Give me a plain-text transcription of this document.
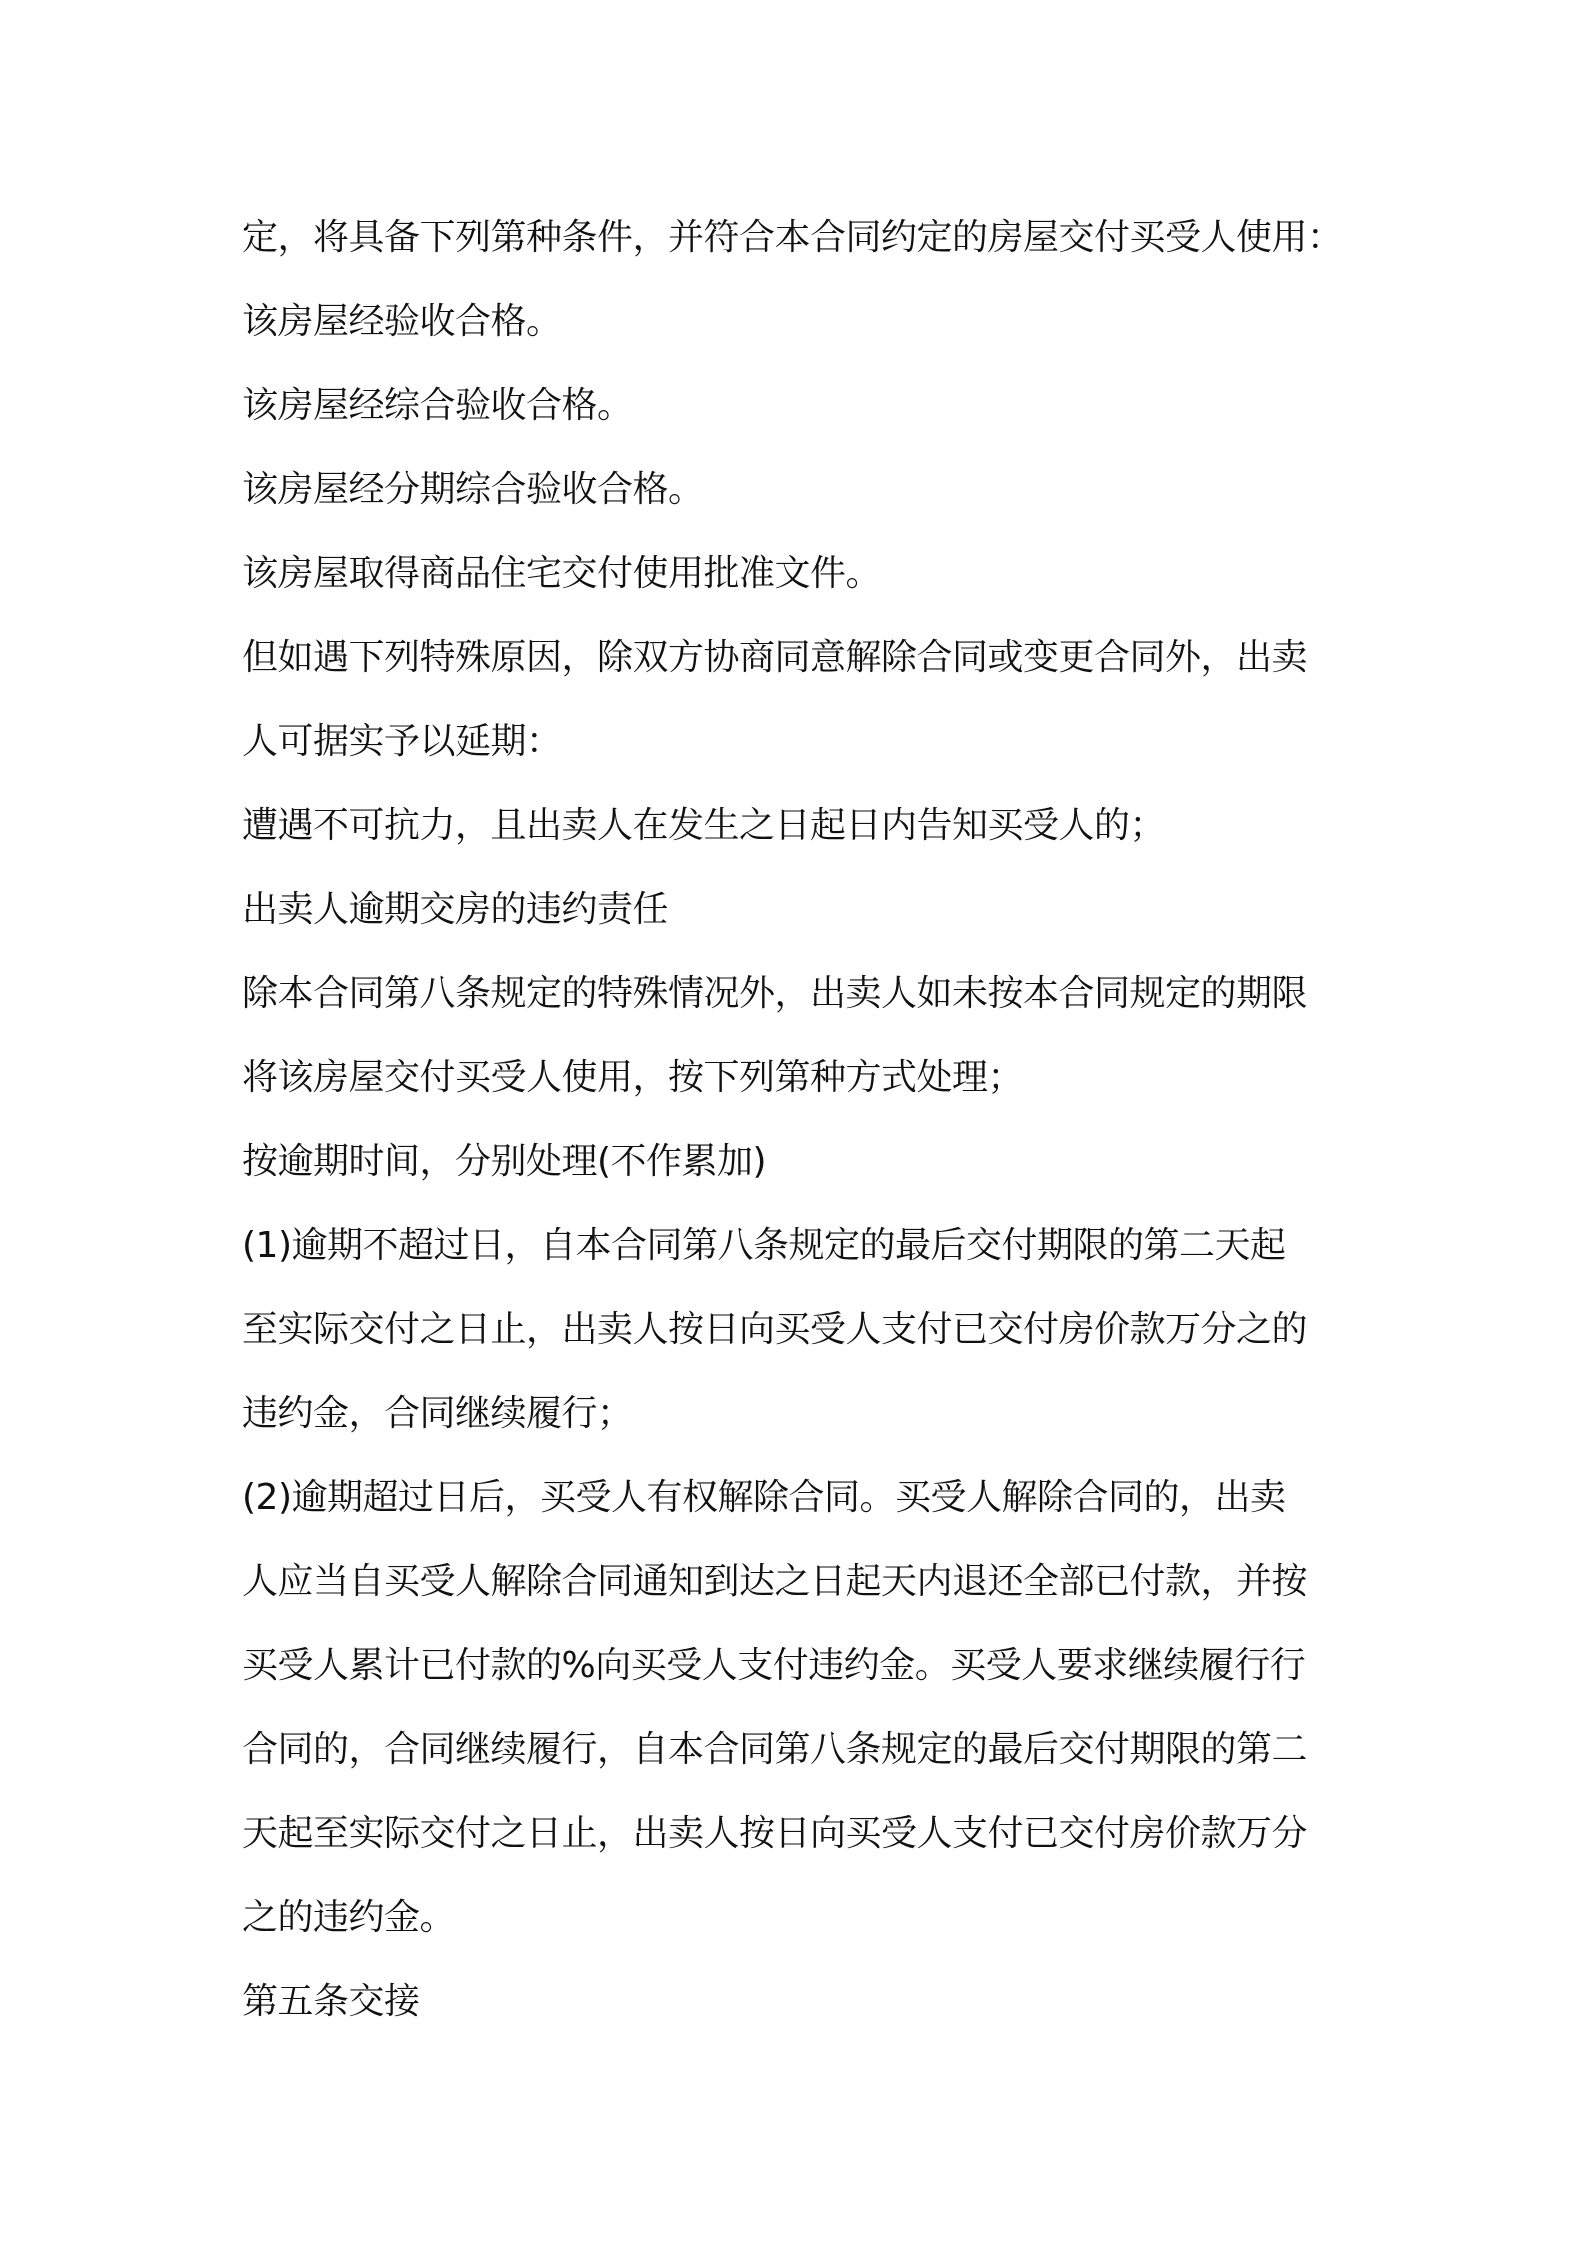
定，将具备下列第种条件，并符合本合同约定的房屋交付买受人使用：
该房屋经验收合格。
该房屋经综合验收合格。
该房屋经分期综合验收合格。
该房屋取得商品住宅交付使用批准文件。
但如遇下列特殊原因，除双方协商同意解除合同或变更合同外，出卖
人可据实予以延期：
遭遇不可抗力，且出卖人在发生之日起日内告知买受人的；
出卖人逾期交房的违约责任
除本合同第八条规定的特殊情况外，出卖人如未按本合同规定的期限
将该房屋交付买受人使用，按下列第种方式处理；
按逾期时间，分别处理(不作累加)
(1)逾期不超过日，自本合同第八条规定的最后交付期限的第二天起
至实际交付之日止，出卖人按日向买受人支付已交付房价款万分之的
违约金，合同继续履行；
(2)逾期超过日后，买受人有权解除合同。买受人解除合同的，出卖
人应当自买受人解除合同通知到达之日起天内退还全部已付款，并按
买受人累计已付款的%向买受人支付违约金。买受人要求继续履行行
合同的，合同继续履行，自本合同第八条规定的最后交付期限的第二
天起至实际交付之日止，出卖人按日向买受人支付已交付房价款万分
之的违约金。
第五条交接
